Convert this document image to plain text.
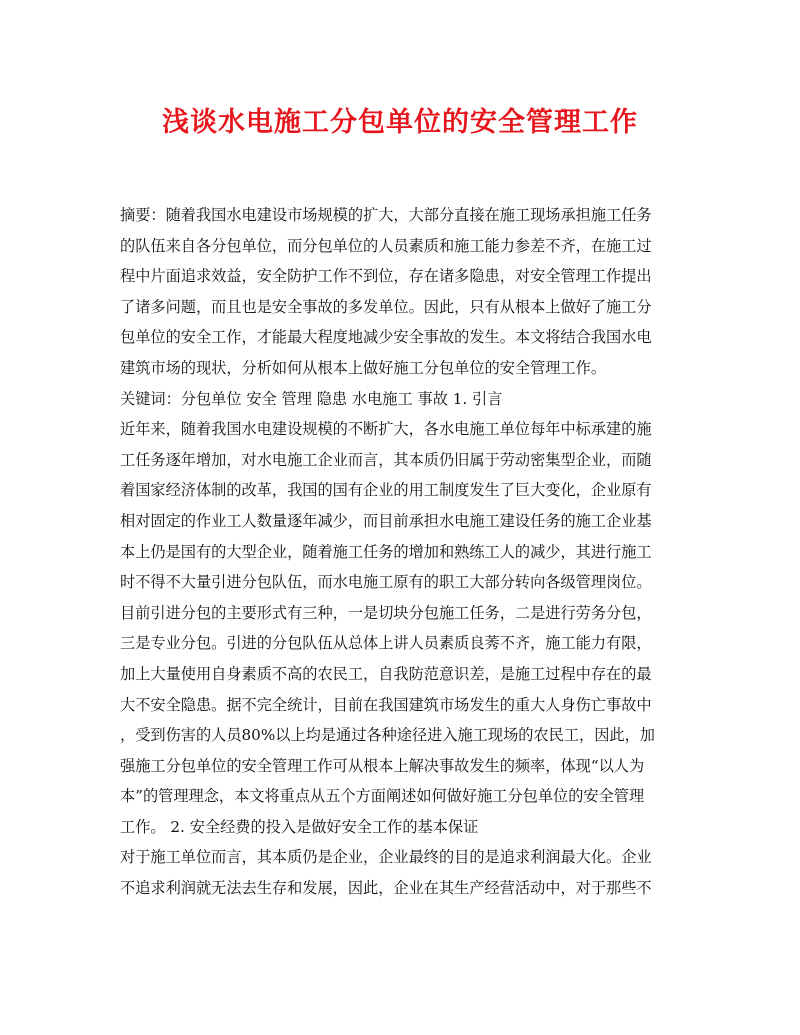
浅谈水电施工分包单位的安全管理工作
摘要：随着我国水电建设市场规模的扩大，大部分直接在施工现场承担施工任务
的队伍来自各分包单位，而分包单位的人员素质和施工能力参差不齐，在施工过
程中片面追求效益，安全防护工作不到位，存在诸多隐患，对安全管理工作提出
了诸多问题，而且也是安全事故的多发单位。因此，只有从根本上做好了施工分
包单位的安全工作，才能最大程度地减少安全事故的发生。本文将结合我国水电
建筑市场的现状，分析如何从根本上做好施工分包单位的安全管理工作。
关键词：分包单位 安全 管理 隐患 水电施工 事故 1. 引言
近年来，随着我国水电建设规模的不断扩大，各水电施工单位每年中标承建的施
工任务逐年增加，对水电施工企业而言，其本质仍旧属于劳动密集型企业，而随
着国家经济体制的改革，我国的国有企业的用工制度发生了巨大变化，企业原有
相对固定的作业工人数量逐年减少，而目前承担水电施工建设任务的施工企业基
本上仍是国有的大型企业，随着施工任务的增加和熟练工人的减少，其进行施工
时不得不大量引进分包队伍，而水电施工原有的职工大部分转向各级管理岗位。
目前引进分包的主要形式有三种，一是切块分包施工任务，二是进行劳务分包，
三是专业分包。引进的分包队伍从总体上讲人员素质良莠不齐，施工能力有限，
加上大量使用自身素质不高的农民工，自我防范意识差，是施工过程中存在的最
大不安全隐患。据不完全统计，目前在我国建筑市场发生的重大人身伤亡事故中
，受到伤害的人员80%以上均是通过各种途径进入施工现场的农民工，因此，加
强施工分包单位的安全管理工作可从根本上解决事故发生的频率，体现“以人为
本”的管理理念，本文将重点从五个方面阐述如何做好施工分包单位的安全管理
工作。 2. 安全经费的投入是做好安全工作的基本保证
对于施工单位而言，其本质仍是企业，企业最终的目的是追求利润最大化。企业
不追求利润就无法去生存和发展，因此，企业在其生产经营活动中，对于那些不
